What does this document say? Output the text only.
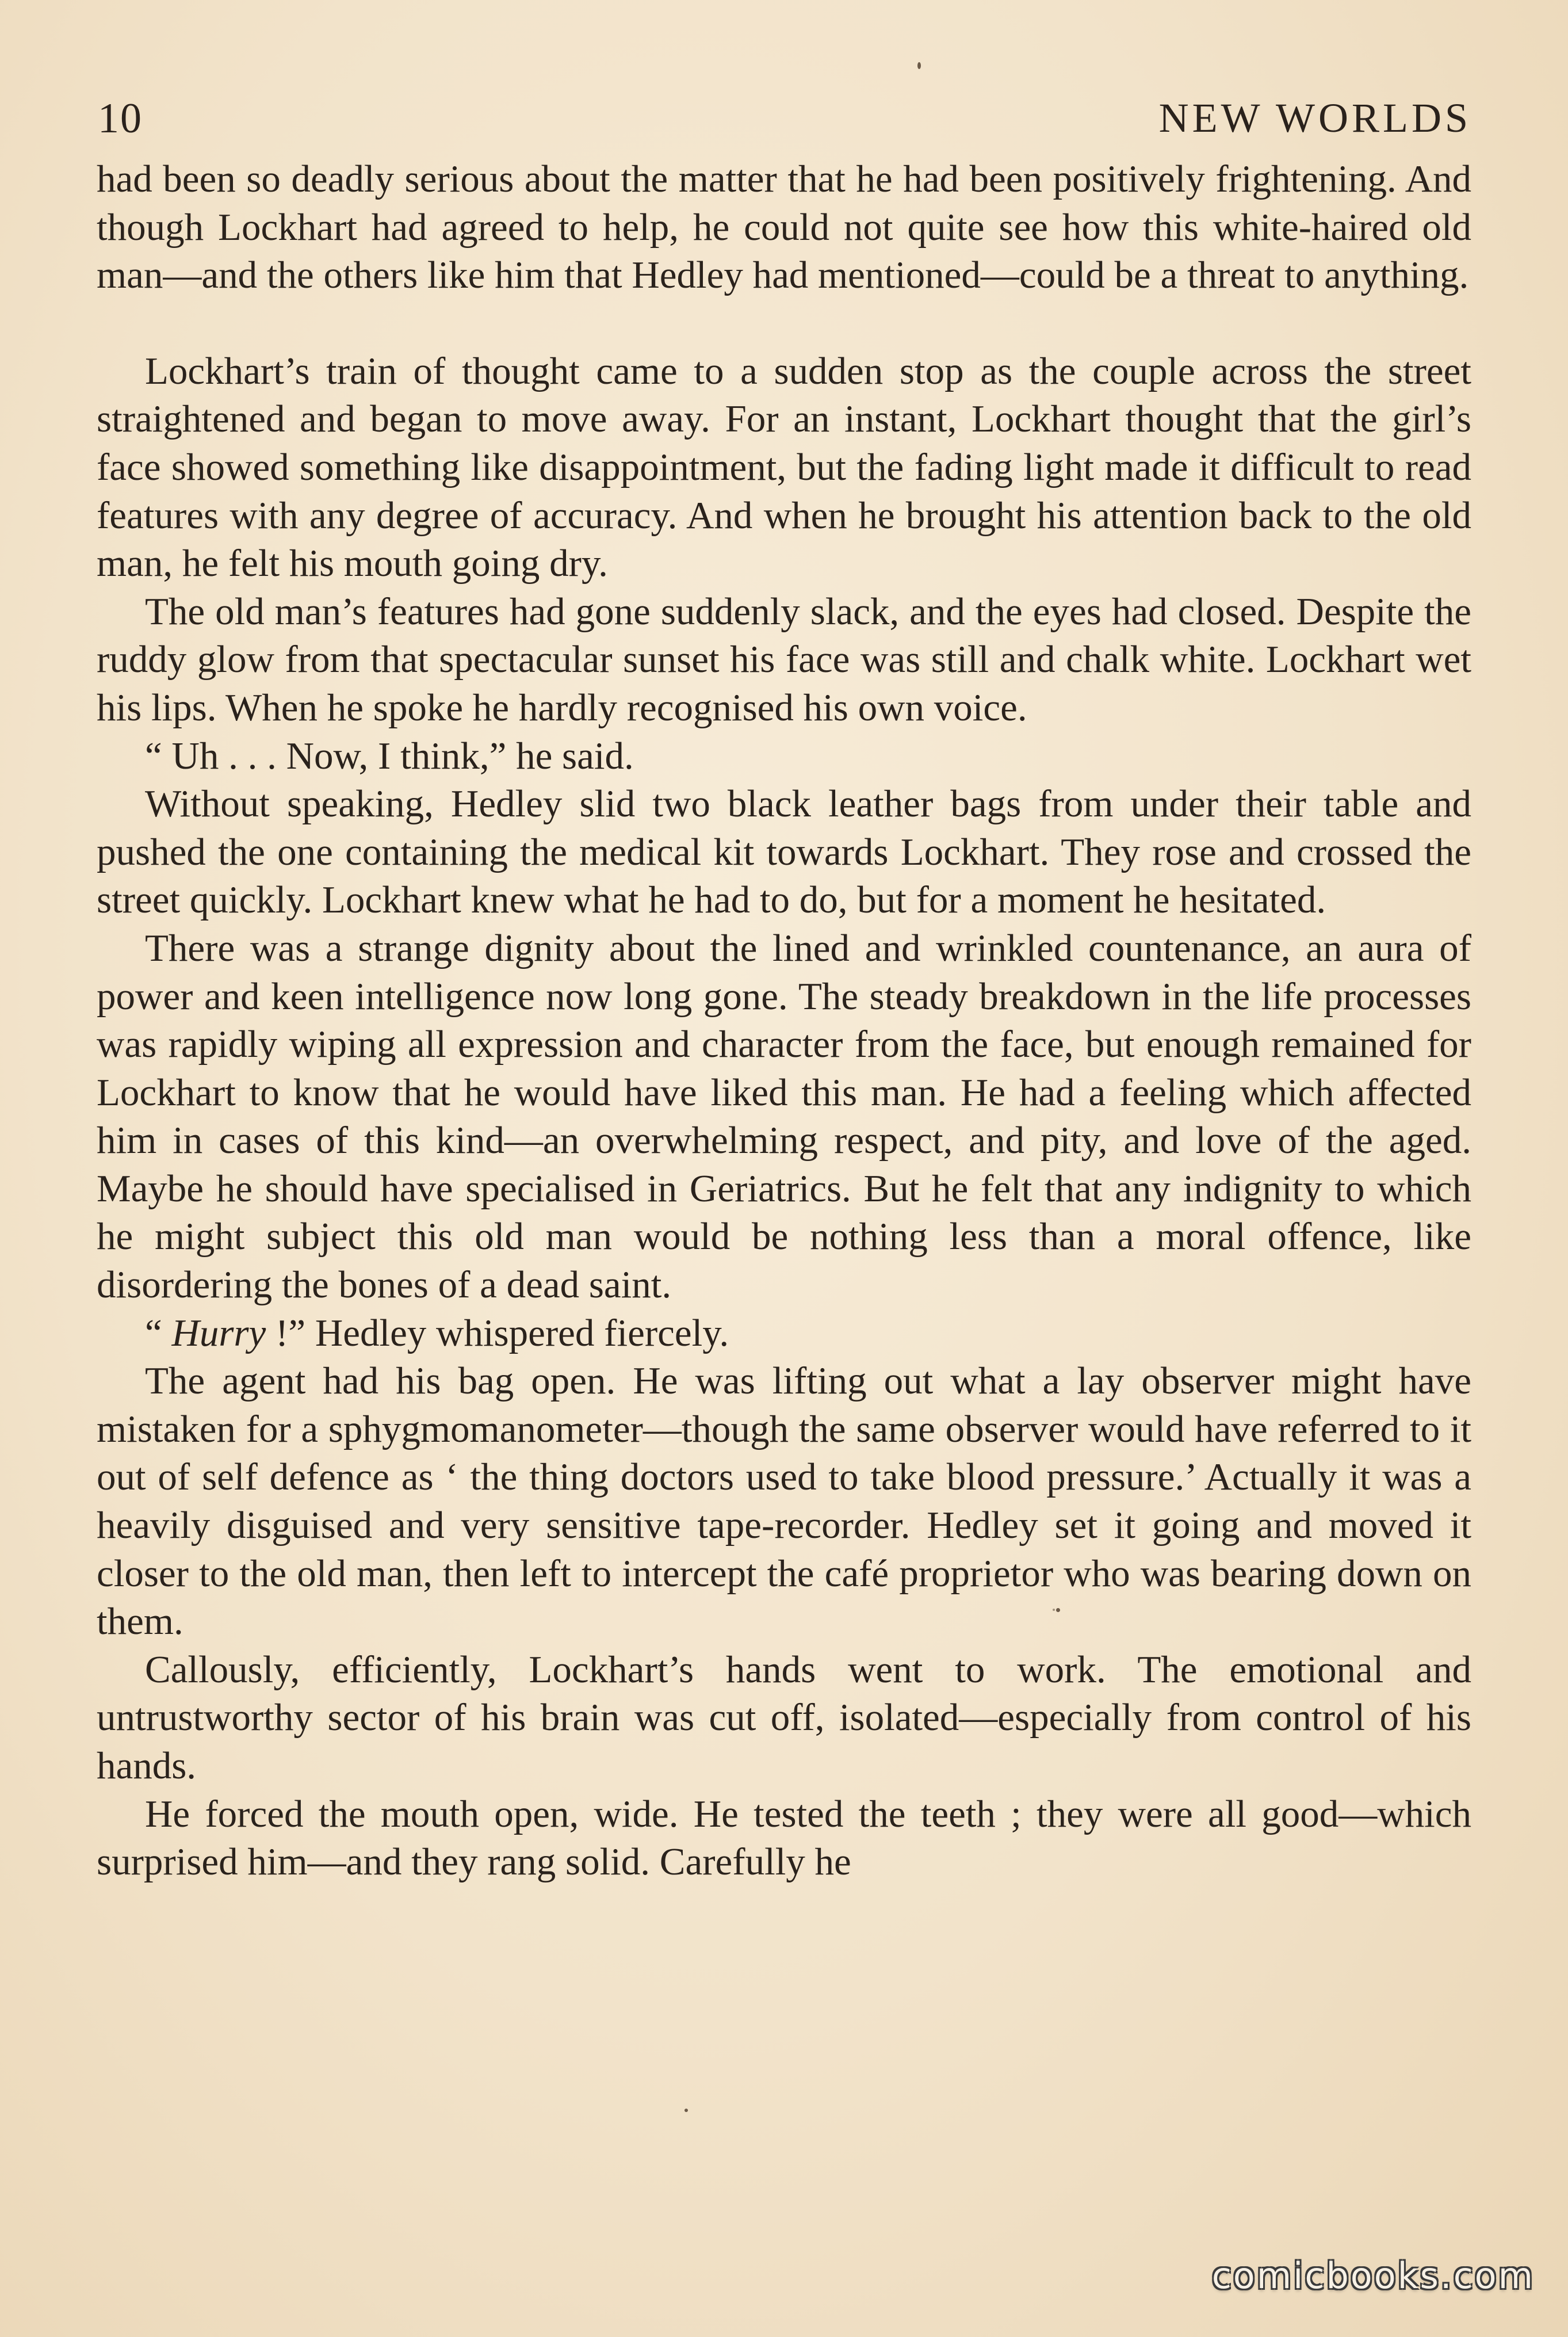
10	NEW WORLDS

had been so deadly serious about the matter that he had been positively frightening. And though Lockhart had agreed to help, he could not quite see how this white-haired old man—and the others like him that Hedley had mentioned—could be a threat to anything.

Lockhart’s train of thought came to a sudden stop as the couple across the street straightened and began to move away. For an instant, Lockhart thought that the girl’s face showed something like disappointment, but the fading light made it difficult to read features with any degree of accuracy. And when he brought his attention back to the old man, he felt his mouth going dry.

The old man’s features had gone suddenly slack, and the eyes had closed. Despite the ruddy glow from that spectacular sunset his face was still and chalk white. Lockhart wet his lips. When he spoke he hardly recognised his own voice.

“ Uh . . . Now, I think,” he said.

Without speaking, Hedley slid two black leather bags from under their table and pushed the one containing the medical kit towards Lockhart. They rose and crossed the street quickly. Lockhart knew what he had to do, but for a moment he hesitated.

There was a strange dignity about the lined and wrinkled countenance, an aura of power and keen intelligence now long gone. The steady breakdown in the life processes was rapidly wiping all expression and character from the face, but enough remained for Lockhart to know that he would have liked this man. He had a feeling which affected him in cases of this kind—an overwhelming respect, and pity, and love of the aged. Maybe he should have specialised in Geriatrics. But he felt that any indignity to which he might subject this old man would be nothing less than a moral offence, like disordering the bones of a dead saint.

“ Hurry !” Hedley whispered fiercely.

The agent had his bag open. He was lifting out what a lay observer might have mistaken for a sphygmomanometer—though the same observer would have referred to it out of self defence as ‘ the thing doctors used to take blood pressure.’ Actually it was a heavily disguised and very sensitive tape-recorder. Hedley set it going and moved it closer to the old man, then left to intercept the café proprietor who was bearing down on them.

Callously, efficiently, Lockhart’s hands went to work. The emotional and untrustworthy sector of his brain was cut off, isolated—especially from control of his hands.

He forced the mouth open, wide. He tested the teeth ; they were all good—which surprised him—and they rang solid. Carefully he

comicbooks.com
